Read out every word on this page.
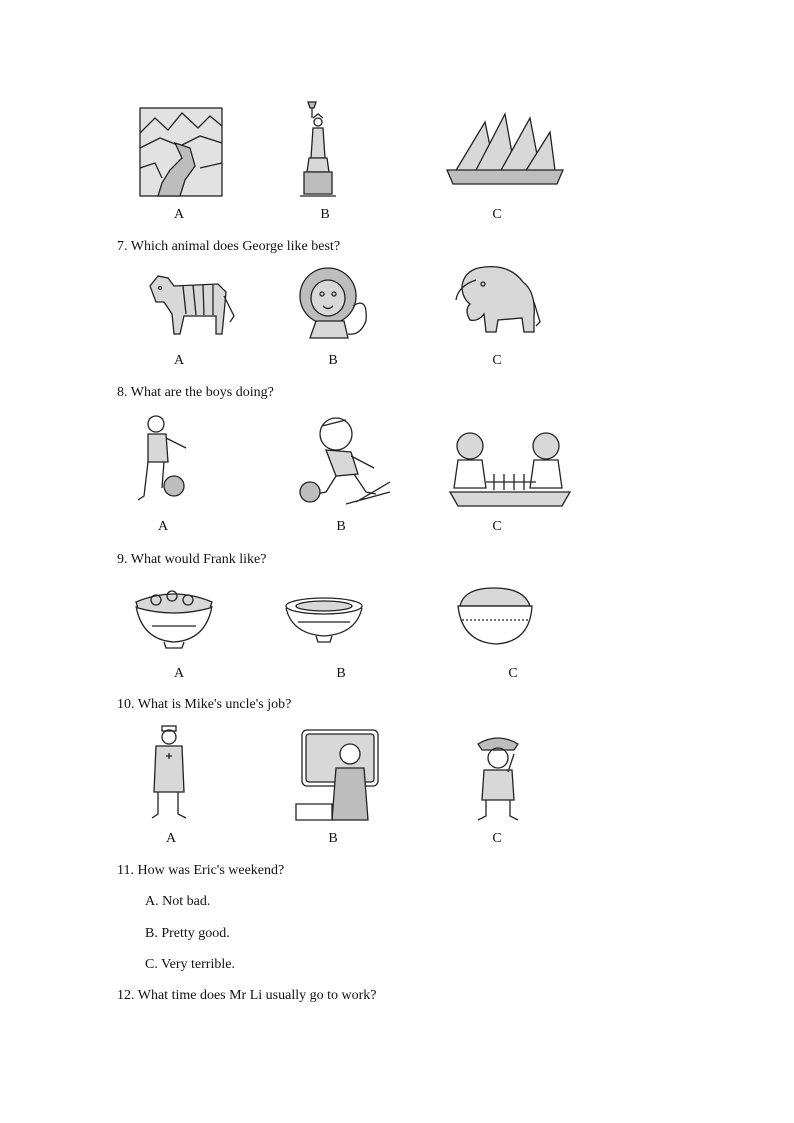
A	B	C
7. Which animal does George like best?
A	B	C
8. What are the boys doing?
A	B	C
9. What would Frank like?
A	B	C
10. What is Mike's uncle's job?
A	B	C
11. How was Eric's weekend?
A. Not bad.
B. Pretty good.
C. Very terrible.
12. What time does Mr Li usually go to work?
